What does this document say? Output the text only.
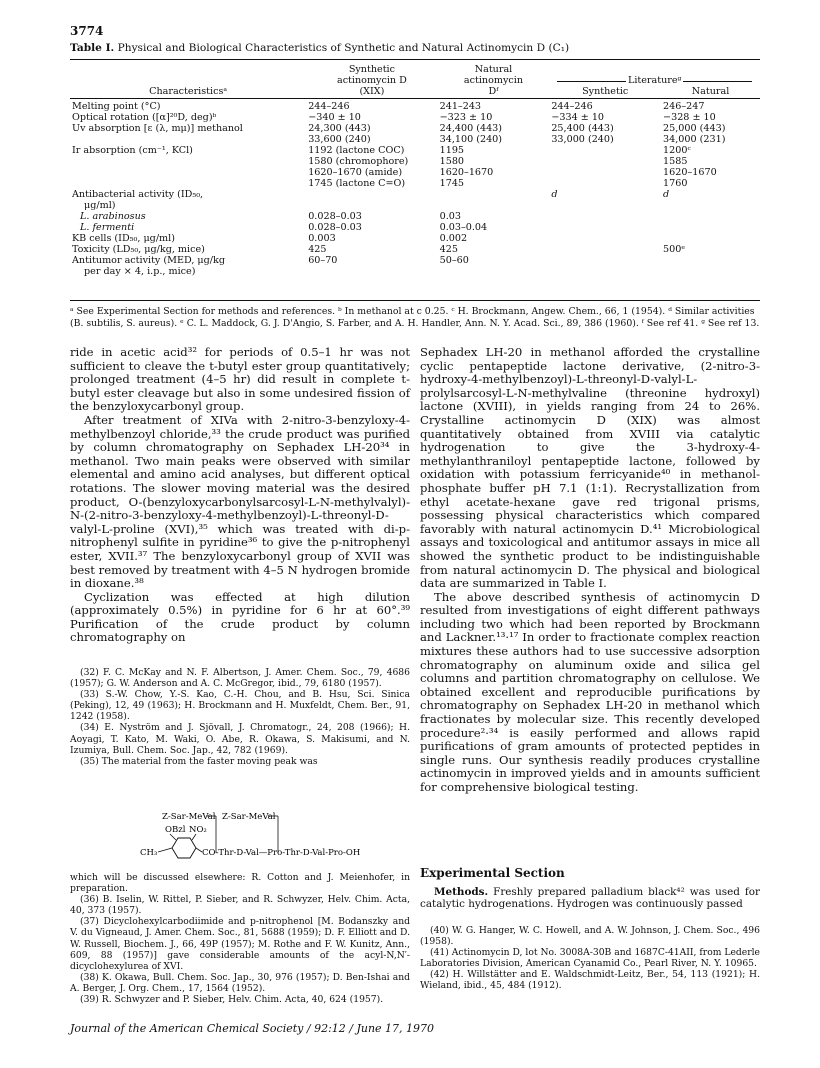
3774
Table I. Physical and Biological Characteristics of Synthetic and Natural Actinomycin D (C₁)
	Synthetic	Natural		
	actinomycin D	actinomycin	Literatureᵍ	
Characteristicsᵃ	(XIX)	Dᶠ	Synthetic	Natural

Melting point (°C)	244–246	241–243	244–246	246–247
Optical rotation ([α]²⁰D, deg)ᵇ	−340 ± 10	−323 ± 10	−334 ± 10	−328 ± 10
Uv absorption [ε (λ, mμ)] methanol	24,300 (443)	24,400 (443)	25,400 (443)	25,000 (443)
	33,600 (240)	34,100 (240)	33,000 (240)	34,000 (231)
Ir absorption (cm⁻¹, KCl)	1192 (lactone COC)	1195		1200ᶜ
	1580 (chromophore)	1580		1585
	1620–1670 (amide)	1620–1670		1620–1670
	1745 (lactone C=O)	1745		1760
Antibacterial activity (ID₅₀,			d	d
μg/ml)				
L. arabinosus	0.028–0.03	0.03		
L. fermenti	0.028–0.03	0.03–0.04		
KB cells (ID₅₀, μg/ml)	0.003	0.002		
Toxicity (LD₅₀, μg/kg, mice)	425	425		500ᵉ
Antitumor activity (MED, μg/kg	60–70	50–60		
per day × 4, i.p., mice)				
ᵃ See Experimental Section for methods and references. ᵇ In methanol at c 0.25. ᶜ H. Brockmann, Angew. Chem., 66, 1 (1954). ᵈ Similar activities (B. subtilis, S. aureus). ᵉ C. L. Maddock, G. J. D'Angio, S. Farber, and A. H. Handler, Ann. N. Y. Acad. Sci., 89, 386 (1960). ᶠ See ref 41. ᵍ See ref 13.

ride in acetic acid³² for periods of 0.5–1 hr was not sufficient to cleave the t-butyl ester group quantitatively; prolonged treatment (4–5 hr) did result in complete t-butyl ester cleavage but also in some undesired fission of the benzyloxycarbonyl group.

After treatment of XIVa with 2-nitro-3-benzyloxy-4-methylbenzoyl chloride,³³ the crude product was purified by column chromatography on Sephadex LH-20³⁴ in methanol. Two main peaks were observed with similar elemental and amino acid analyses, but different optical rotations. The slower moving material was the desired product, O-(benzyloxycarbonylsarcosyl-L-N-methylvalyl)-N-(2-nitro-3-benzyloxy-4-methylbenzoyl)-L-threonyl-D-valyl-L-proline (XVI),³⁵ which was treated with di-p-nitrophenyl sulfite in pyridine³⁶ to give the p-nitrophenyl ester, XVII.³⁷ The benzyloxycarbonyl group of XVII was best removed by treatment with 4–5 N hydrogen bromide in dioxane.³⁸

Cyclization was effected at high dilution (approximately 0.5%) in pyridine for 6 hr at 60°.³⁹ Purification of the crude product by column chromatography on

(32) F. C. McKay and N. F. Albertson, J. Amer. Chem. Soc., 79, 4686 (1957); G. W. Anderson and A. C. McGregor, ibid., 79, 6180 (1957).

(33) S.-W. Chow, Y.-S. Kao, C.-H. Chou, and B. Hsu, Sci. Sinica (Peking), 12, 49 (1963); H. Brockmann and H. Muxfeldt, Chem. Ber., 91, 1242 (1958).

(34) E. Nyström and J. Sjövall, J. Chromatogr., 24, 208 (1966); H. Aoyagi, T. Kato, M. Waki, O. Abe, R. Okawa, S. Makisumi, and N. Izumiya, Bull. Chem. Soc. Jap., 42, 782 (1969).

(35) The material from the faster moving peak was

Z-Sar-MeVal Z-Sar-MeVal
OBzl NO₂
CH₃	CO-Thr-D-Val—Pro-Thr-D-Val-Pro-OH

which will be discussed elsewhere: R. Cotton and J. Meienhofer, in preparation.

(36) B. Iselin, W. Rittel, P. Sieber, and R. Schwyzer, Helv. Chim. Acta, 40, 373 (1957).

(37) Dicyclohexylcarbodiimide and p-nitrophenol [M. Bodanszky and V. du Vigneaud, J. Amer. Chem. Soc., 81, 5688 (1959); D. F. Elliott and D. W. Russell, Biochem. J., 66, 49P (1957); M. Rothe and F. W. Kunitz, Ann., 609, 88 (1957)] gave considerable amounts of the acyl-N,N′-dicyclohexylurea of XVI.

(38) K. Okawa, Bull. Chem. Soc. Jap., 30, 976 (1957); D. Ben-Ishai and A. Berger, J. Org. Chem., 17, 1564 (1952).

(39) R. Schwyzer and P. Sieber, Helv. Chim. Acta, 40, 624 (1957).

Sephadex LH-20 in methanol afforded the crystalline cyclic pentapeptide lactone derivative, (2-nitro-3-hydroxy-4-methylbenzoyl)-L-threonyl-D-valyl-L-prolylsarcosyl-L-N-methylvaline (threonine hydroxyl) lactone (XVIII), in yields ranging from 24 to 26%. Crystalline actinomycin D (XIX) was almost quantitatively obtained from XVIII via catalytic hydrogenation to give the 3-hydroxy-4-methylanthraniloyl pentapeptide lactone, followed by oxidation with potassium ferricyanide⁴⁰ in methanol-phosphate buffer pH 7.1 (1:1). Recrystallization from ethyl acetate-hexane gave red trigonal prisms, possessing physical characteristics which compared favorably with natural actinomycin D.⁴¹ Microbiological assays and toxicological and antitumor assays in mice all showed the synthetic product to be indistinguishable from natural actinomycin D. The physical and biological data are summarized in Table I.

The above described synthesis of actinomycin D resulted from investigations of eight different pathways including two which had been reported by Brockmann and Lackner.¹³·¹⁷ In order to fractionate complex reaction mixtures these authors had to use successive adsorption chromatography on aluminum oxide and silica gel columns and partition chromatography on cellulose. We obtained excellent and reproducible purifications by chromatography on Sephadex LH-20 in methanol which fractionates by molecular size. This recently developed procedure²·³⁴ is easily performed and allows rapid purifications of gram amounts of protected peptides in single runs. Our synthesis readily produces crystalline actinomycin in improved yields and in amounts sufficient for comprehensive biological testing.

Experimental Section

Methods. Freshly prepared palladium black⁴² was used for catalytic hydrogenations. Hydrogen was continuously passed

(40) W. G. Hanger, W. C. Howell, and A. W. Johnson, J. Chem. Soc., 496 (1958).

(41) Actinomycin D, lot No. 3008A-30B and 1687C-41AII, from Lederle Laboratories Division, American Cyanamid Co., Pearl River, N. Y. 10965.

(42) H. Willstätter and E. Waldschmidt-Leitz, Ber., 54, 113 (1921); H. Wieland, ibid., 45, 484 (1912).

Journal of the American Chemical Society / 92:12 / June 17, 1970
